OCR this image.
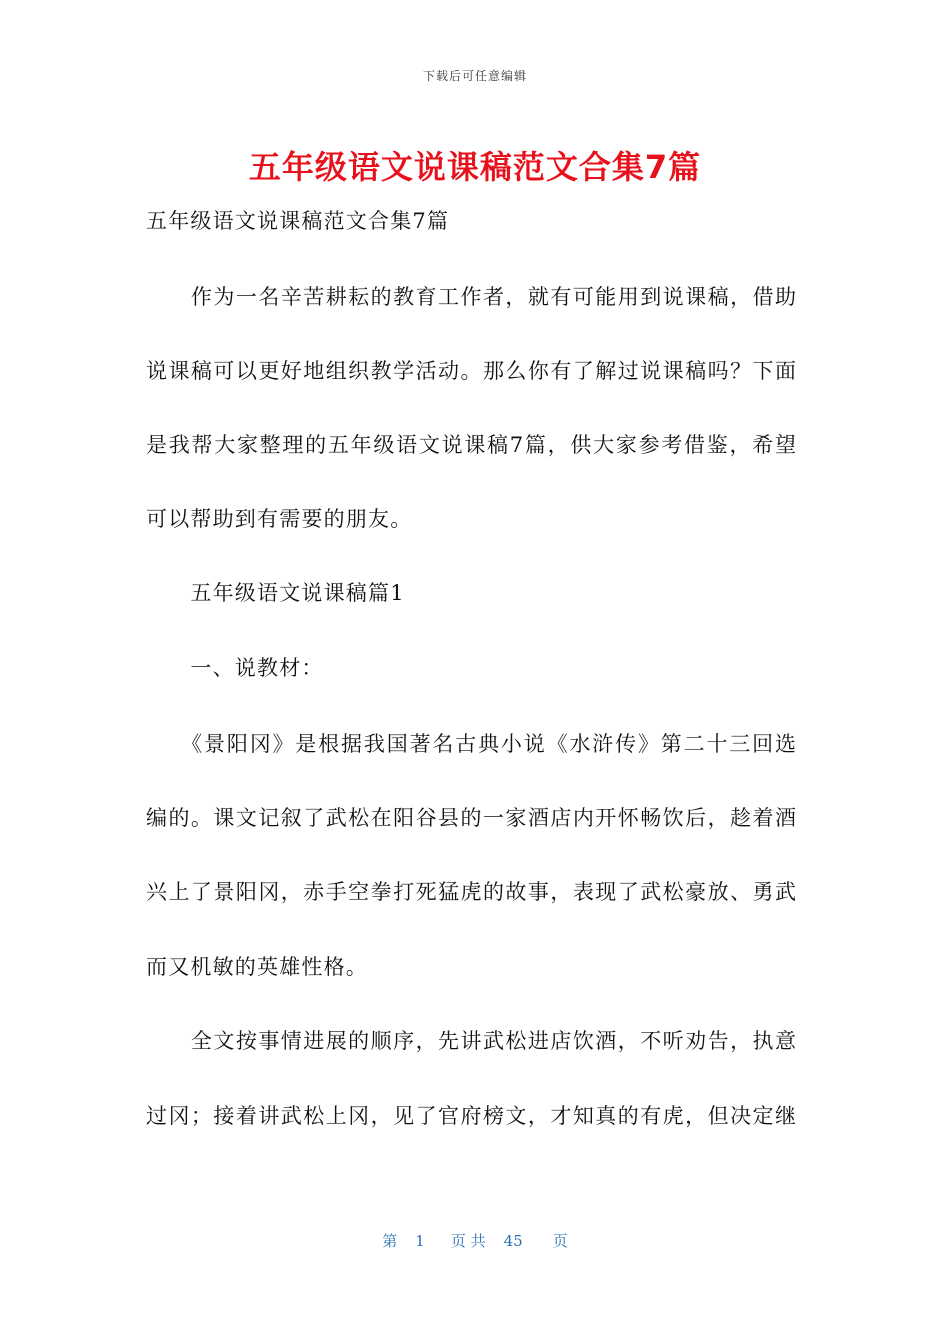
下载后可任意编辑
五年级语文说课稿范文合集7篇
五年级语文说课稿范文合集7篇
　　作为一名辛苦耕耘的教育工作者，就有可能用到说课稿，借助
说课稿可以更好地组织教学活动。那么你有了解过说课稿吗？下面
是我帮大家整理的五年级语文说课稿7篇，供大家参考借鉴，希望
可以帮助到有需要的朋友。
　　五年级语文说课稿篇1
　　一、说教材：
　　《景阳冈》是根据我国著名古典小说《水浒传》第二十三回选
编的。课文记叙了武松在阳谷县的一家酒店内开怀畅饮后，趁着酒
兴上了景阳冈，赤手空拳打死猛虎的故事，表现了武松豪放、勇武
而又机敏的英雄性格。
　　全文按事情进展的顺序，先讲武松进店饮酒，不听劝告，执意
过冈；接着讲武松上冈，见了官府榜文，才知真的有虎，但决定继
第 1 页 共 45 页
